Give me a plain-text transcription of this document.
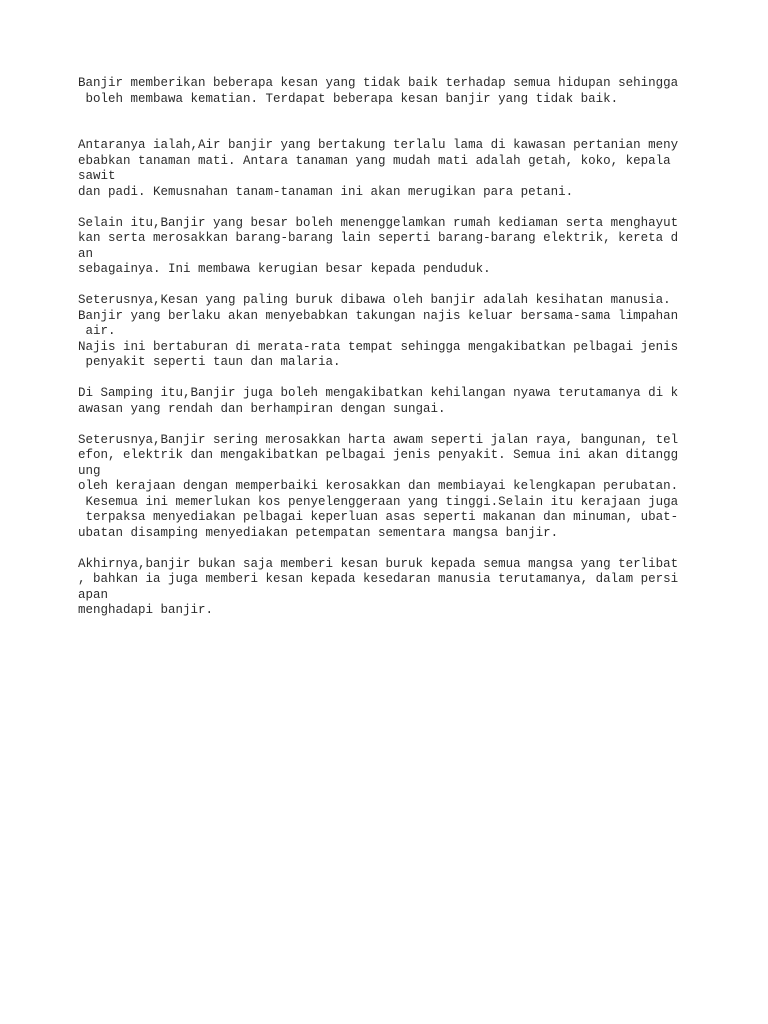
Banjir memberikan beberapa kesan yang tidak baik terhadap semua hidupan sehingga
boleh membawa kematian. Terdapat beberapa kesan banjir yang tidak baik.
Antaranya ialah,Air banjir yang bertakung terlalu lama di kawasan pertanian meny
ebabkan tanaman mati. Antara tanaman yang mudah mati adalah getah, koko, kepala
sawit
dan padi. Kemusnahan tanam-tanaman ini akan merugikan para petani.
Selain itu,Banjir yang besar boleh menenggelamkan rumah kediaman serta menghayut
kan serta merosakkan barang-barang lain seperti barang-barang elektrik, kereta d
an
sebagainya. Ini membawa kerugian besar kepada penduduk.
Seterusnya,Kesan yang paling buruk dibawa oleh banjir adalah kesihatan manusia.
Banjir yang berlaku akan menyebabkan takungan najis keluar bersama-sama limpahan
air.
Najis ini bertaburan di merata-rata tempat sehingga mengakibatkan pelbagai jenis
penyakit seperti taun dan malaria.
Di Samping itu,Banjir juga boleh mengakibatkan kehilangan nyawa terutamanya di k
awasan yang rendah dan berhampiran dengan sungai.
Seterusnya,Banjir sering merosakkan harta awam seperti jalan raya, bangunan, tel
efon, elektrik dan mengakibatkan pelbagai jenis penyakit. Semua ini akan ditangg
ung
oleh kerajaan dengan memperbaiki kerosakkan dan membiayai kelengkapan perubatan.
Kesemua ini memerlukan kos penyelenggeraan yang tinggi.Selain itu kerajaan juga
terpaksa menyediakan pelbagai keperluan asas seperti makanan dan minuman, ubat-
ubatan disamping menyediakan petempatan sementara mangsa banjir.
Akhirnya,banjir bukan saja memberi kesan buruk kepada semua mangsa yang terlibat
, bahkan ia juga memberi kesan kepada kesedaran manusia terutamanya, dalam persi
apan
menghadapi banjir.
